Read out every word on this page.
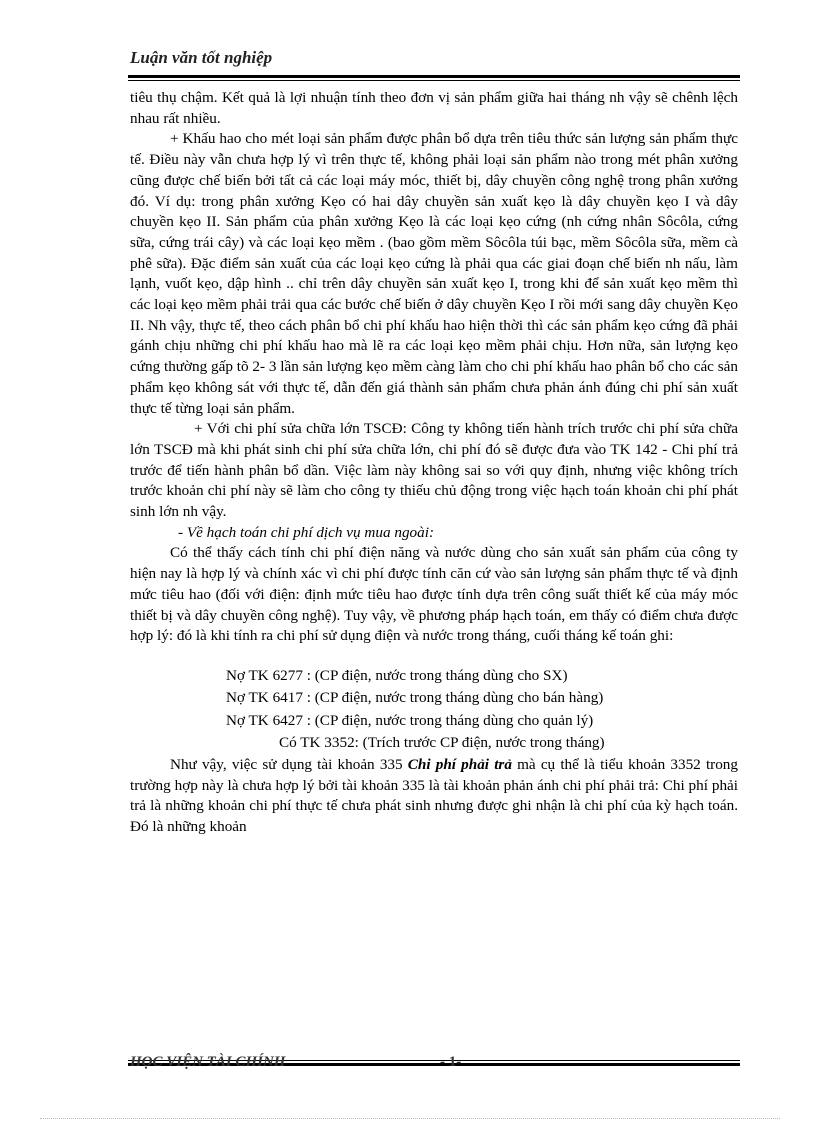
Luận văn tốt nghiệp

tiêu thụ chậm. Kết quả là lợi nhuận tính theo đơn vị sản phẩm giữa hai tháng nh vậy sẽ chênh lệch nhau rất nhiều.

+ Khấu hao cho mét loại sản phẩm được phân bổ dựa trên tiêu thức sản lượng sản phẩm thực tế. Điều này vẫn chưa hợp lý vì trên thực tế, không phải loại sản phẩm nào trong mét phân xưởng cũng được chế biến bởi tất cả các loại máy móc, thiết bị, dây chuyền công nghệ trong phân xưởng đó. Ví dụ: trong phân xưởng Kẹo có hai dây chuyền sản xuất kẹo là dây chuyền kẹo I và dây chuyền kẹo II. Sản phẩm của phân xưởng Kẹo là các loại kẹo cứng (nh cứng nhân Sôcôla, cứng sữa, cứng trái cây) và các loại kẹo mềm . (bao gồm mềm Sôcôla túi bạc, mềm Sôcôla sữa, mềm cà phê sữa). Đặc điểm sản xuất của các loại kẹo cứng là phải qua các giai đoạn chế biến nh nấu, làm lạnh, vuốt kẹo, dập hình .. chỉ trên dây chuyền sản xuất kẹo I, trong khi để sản xuất kẹo mềm thì các loại kẹo mềm phải trải qua các bước chế biến ở dây chuyền Kẹo I rồi mới sang dây chuyền Kẹo II. Nh vậy, thực tế, theo cách phân bổ chi phí khấu hao hiện thời thì các sản phẩm kẹo cứng đã phải gánh chịu những chi phí khấu hao mà lẽ ra các loại kẹo mềm phải chịu. Hơn nữa, sản lượng kẹo cứng thường gấp tõ 2- 3 lần sản lượng kẹo mềm càng làm cho chi phí khấu hao phân bổ cho các sản phẩm kẹo không sát với thực tế, dẫn đến giá thành sản phẩm chưa phản ánh đúng chi phí sản xuất thực tế từng loại sản phẩm.

+ Với chi phí sửa chữa lớn TSCĐ: Công ty không tiến hành trích trước chi phí sửa chữa lớn TSCĐ mà khi phát sinh chi phí sửa chữa lớn, chi phí đó sẽ được đưa vào TK 142 - Chi phí trả trước để tiến hành phân bổ dần. Việc làm này không sai so với quy định, nhưng việc không trích trước khoản chi phí này sẽ làm cho công ty thiếu chủ động trong việc hạch toán khoản chi phí phát sinh lớn nh vậy.

- Về hạch toán chi phí dịch vụ mua ngoài:

Có thể thấy cách tính chi phí điện năng và nước dùng cho sản xuất sản phẩm của công ty hiện nay là hợp lý và chính xác vì chi phí được tính căn cứ vào sản lượng sản phẩm thực tế và định mức tiêu hao (đối với điện: định mức tiêu hao được tính dựa trên công suất thiết kế của máy móc thiết bị và dây chuyền công nghệ). Tuy vậy, về phương pháp hạch toán, em thấy có điểm chưa được hợp lý: đó là khi tính ra chi phí sử dụng điện và nước trong tháng, cuối tháng kế toán ghi:

Nợ TK 6277 : (CP điện, nước trong tháng dùng cho SX)

Nợ TK 6417 : (CP điện, nước trong tháng dùng cho bán hàng)

Nợ TK 6427 : (CP điện, nước trong tháng dùng cho quản lý)

Có TK 3352: (Trích trước CP điện, nước trong tháng)

Như vậy, việc sử dụng tài khoản 335 Chi phí phải trả mà cụ thể là tiểu khoản 3352 trong trường hợp này là chưa hợp lý bởi tài khoản 335 là tài khoản phản ánh chi phí phải trả: Chi phí phải trả là những khoản chi phí thực tế chưa phát sinh nhưng được ghi nhận là chi phí của kỳ hạch toán. Đó là những khoản

HỌC VIỆN TÀI CHÍNH	- 1-
